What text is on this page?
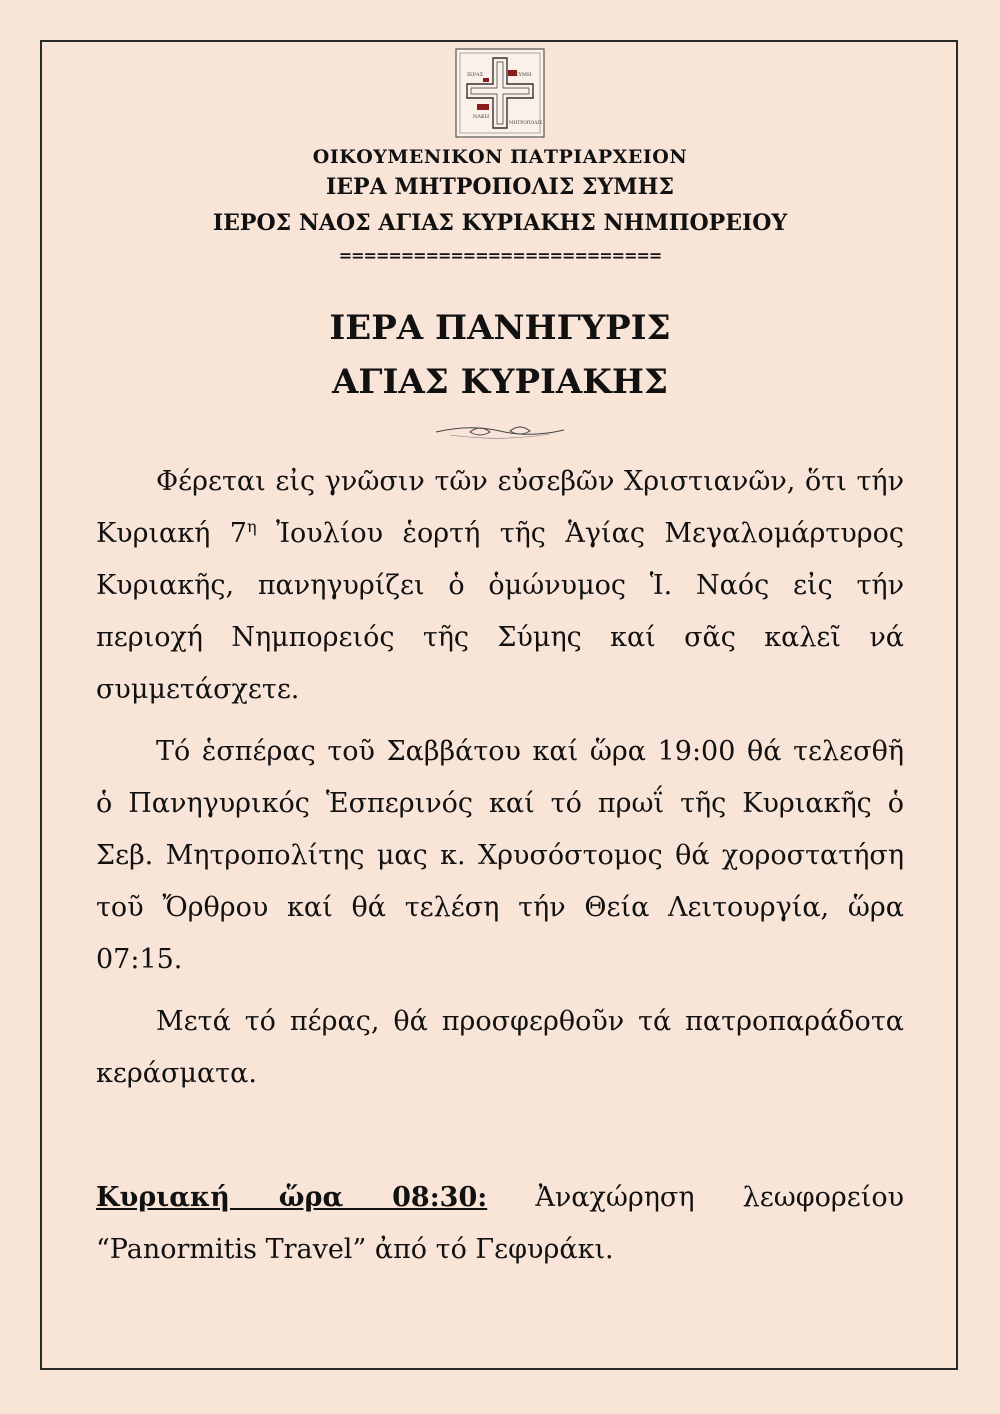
ΙΕΡΑΣ	ΣΥΜΗ
ΝΑΚΗ
ΜΗΤΡΟΠΟΛΙΣ
ΟΙΚΟΥΜΕΝΙΚΟΝ ΠΑΤΡΙΑΡΧΕΙΟΝ
ΙΕΡΑ ΜΗΤΡΟΠΟΛΙΣ ΣΥΜΗΣ
ΙΕΡΟΣ ΝΑΟΣ ΑΓΙΑΣ ΚΥΡΙΑΚΗΣ ΝΗΜΠΟΡΕΙΟΥ
==========================
ΙΕΡΑ ΠΑΝΗΓΥΡΙΣ
ΑΓΙΑΣ ΚΥΡΙΑΚΗΣ

Φέρεται εἰς γνῶσιν τῶν εὐσεβῶν Χριστιανῶν, ὅτι τήν Κυριακή $7^\eta$ Ἰουλίου ἑορτή τῆς Ἁγίας Μεγαλομάρτυρος Κυριακῆς, πανηγυρίζει ὁ ὁμώνυμος Ἱ. Ναός εἰς τήν περιοχή Νημπορειός τῆς Σύμης καί σᾶς καλεῖ νά συμμετάσχετε.

Τό ἑσπέρας τοῦ Σαββάτου καί ὥρα 19:00 θά τελεσθῆ ὁ Πανηγυρικός Ἑσπερινός καί τό πρωΐ τῆς Κυριακῆς ὁ Σεβ. Μητροπολίτης μας κ. Χρυσόστομος θά χοροστατήση τοῦ Ὄρθρου καί θά τελέση τήν Θεία Λειτουργία, ὥρα 07:15.

Μετά τό πέρας, θά προσφερθοῦν τά πατροπαράδοτα κεράσματα.

Κυριακή ὥρα 08:30: Ἀναχώρηση λεωφορείου “Panormitis Travel” ἀπό τό Γεφυράκι.
